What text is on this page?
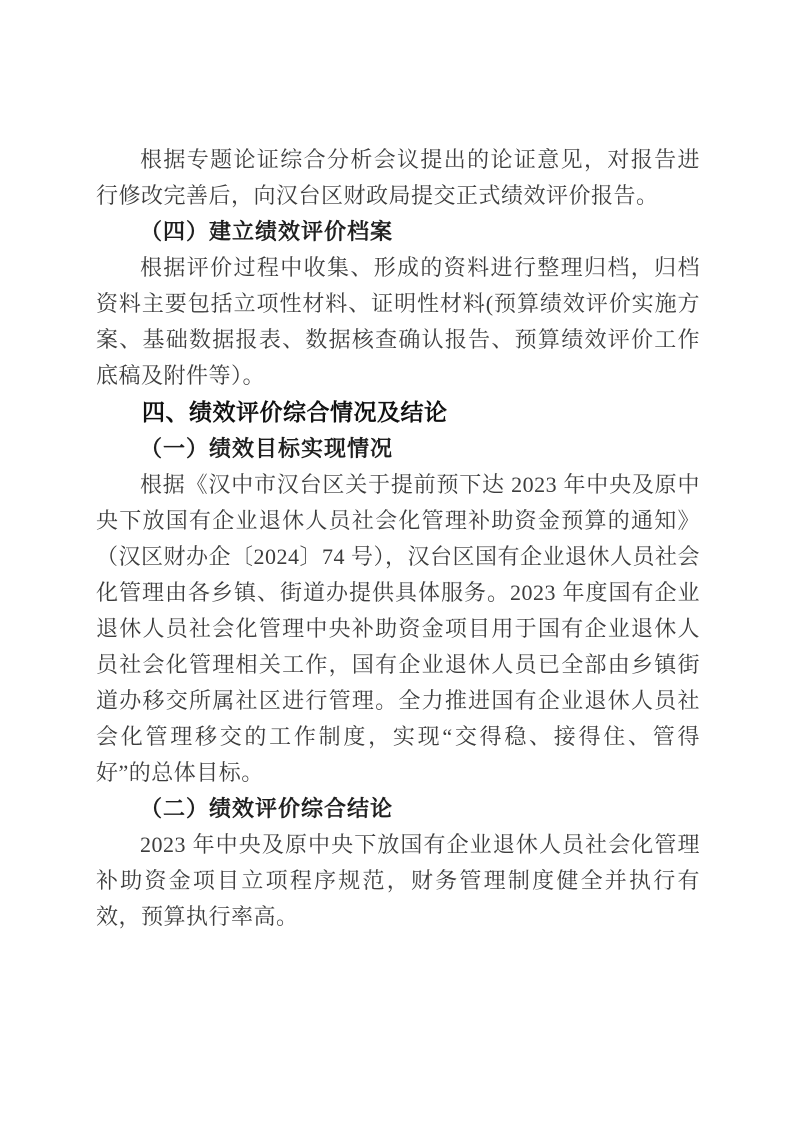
根据专题论证综合分析会议提出的论证意见，对报告进行修改完善后，向汉台区财政局提交正式绩效评价报告。

（四）建立绩效评价档案

根据评价过程中收集、形成的资料进行整理归档，归档资料主要包括立项性材料、证明性材料(预算绩效评价实施方案、基础数据报表、数据核查确认报告、预算绩效评价工作底稿及附件等）。

四、绩效评价综合情况及结论

（一）绩效目标实现情况

根据《汉中市汉台区关于提前预下达 2023 年中央及原中央下放国有企业退休人员社会化管理补助资金预算的通知》（汉区财办企〔2024〕74 号），汉台区国有企业退休人员社会化管理由各乡镇、街道办提供具体服务。2023 年度国有企业退休人员社会化管理中央补助资金项目用于国有企业退休人员社会化管理相关工作，国有企业退休人员已全部由乡镇街道办移交所属社区进行管理。全力推进国有企业退休人员社会化管理移交的工作制度，实现“交得稳、接得住、管得好”的总体目标。

（二）绩效评价综合结论

2023 年中央及原中央下放国有企业退休人员社会化管理补助资金项目立项程序规范，财务管理制度健全并执行有效，预算执行率高。
